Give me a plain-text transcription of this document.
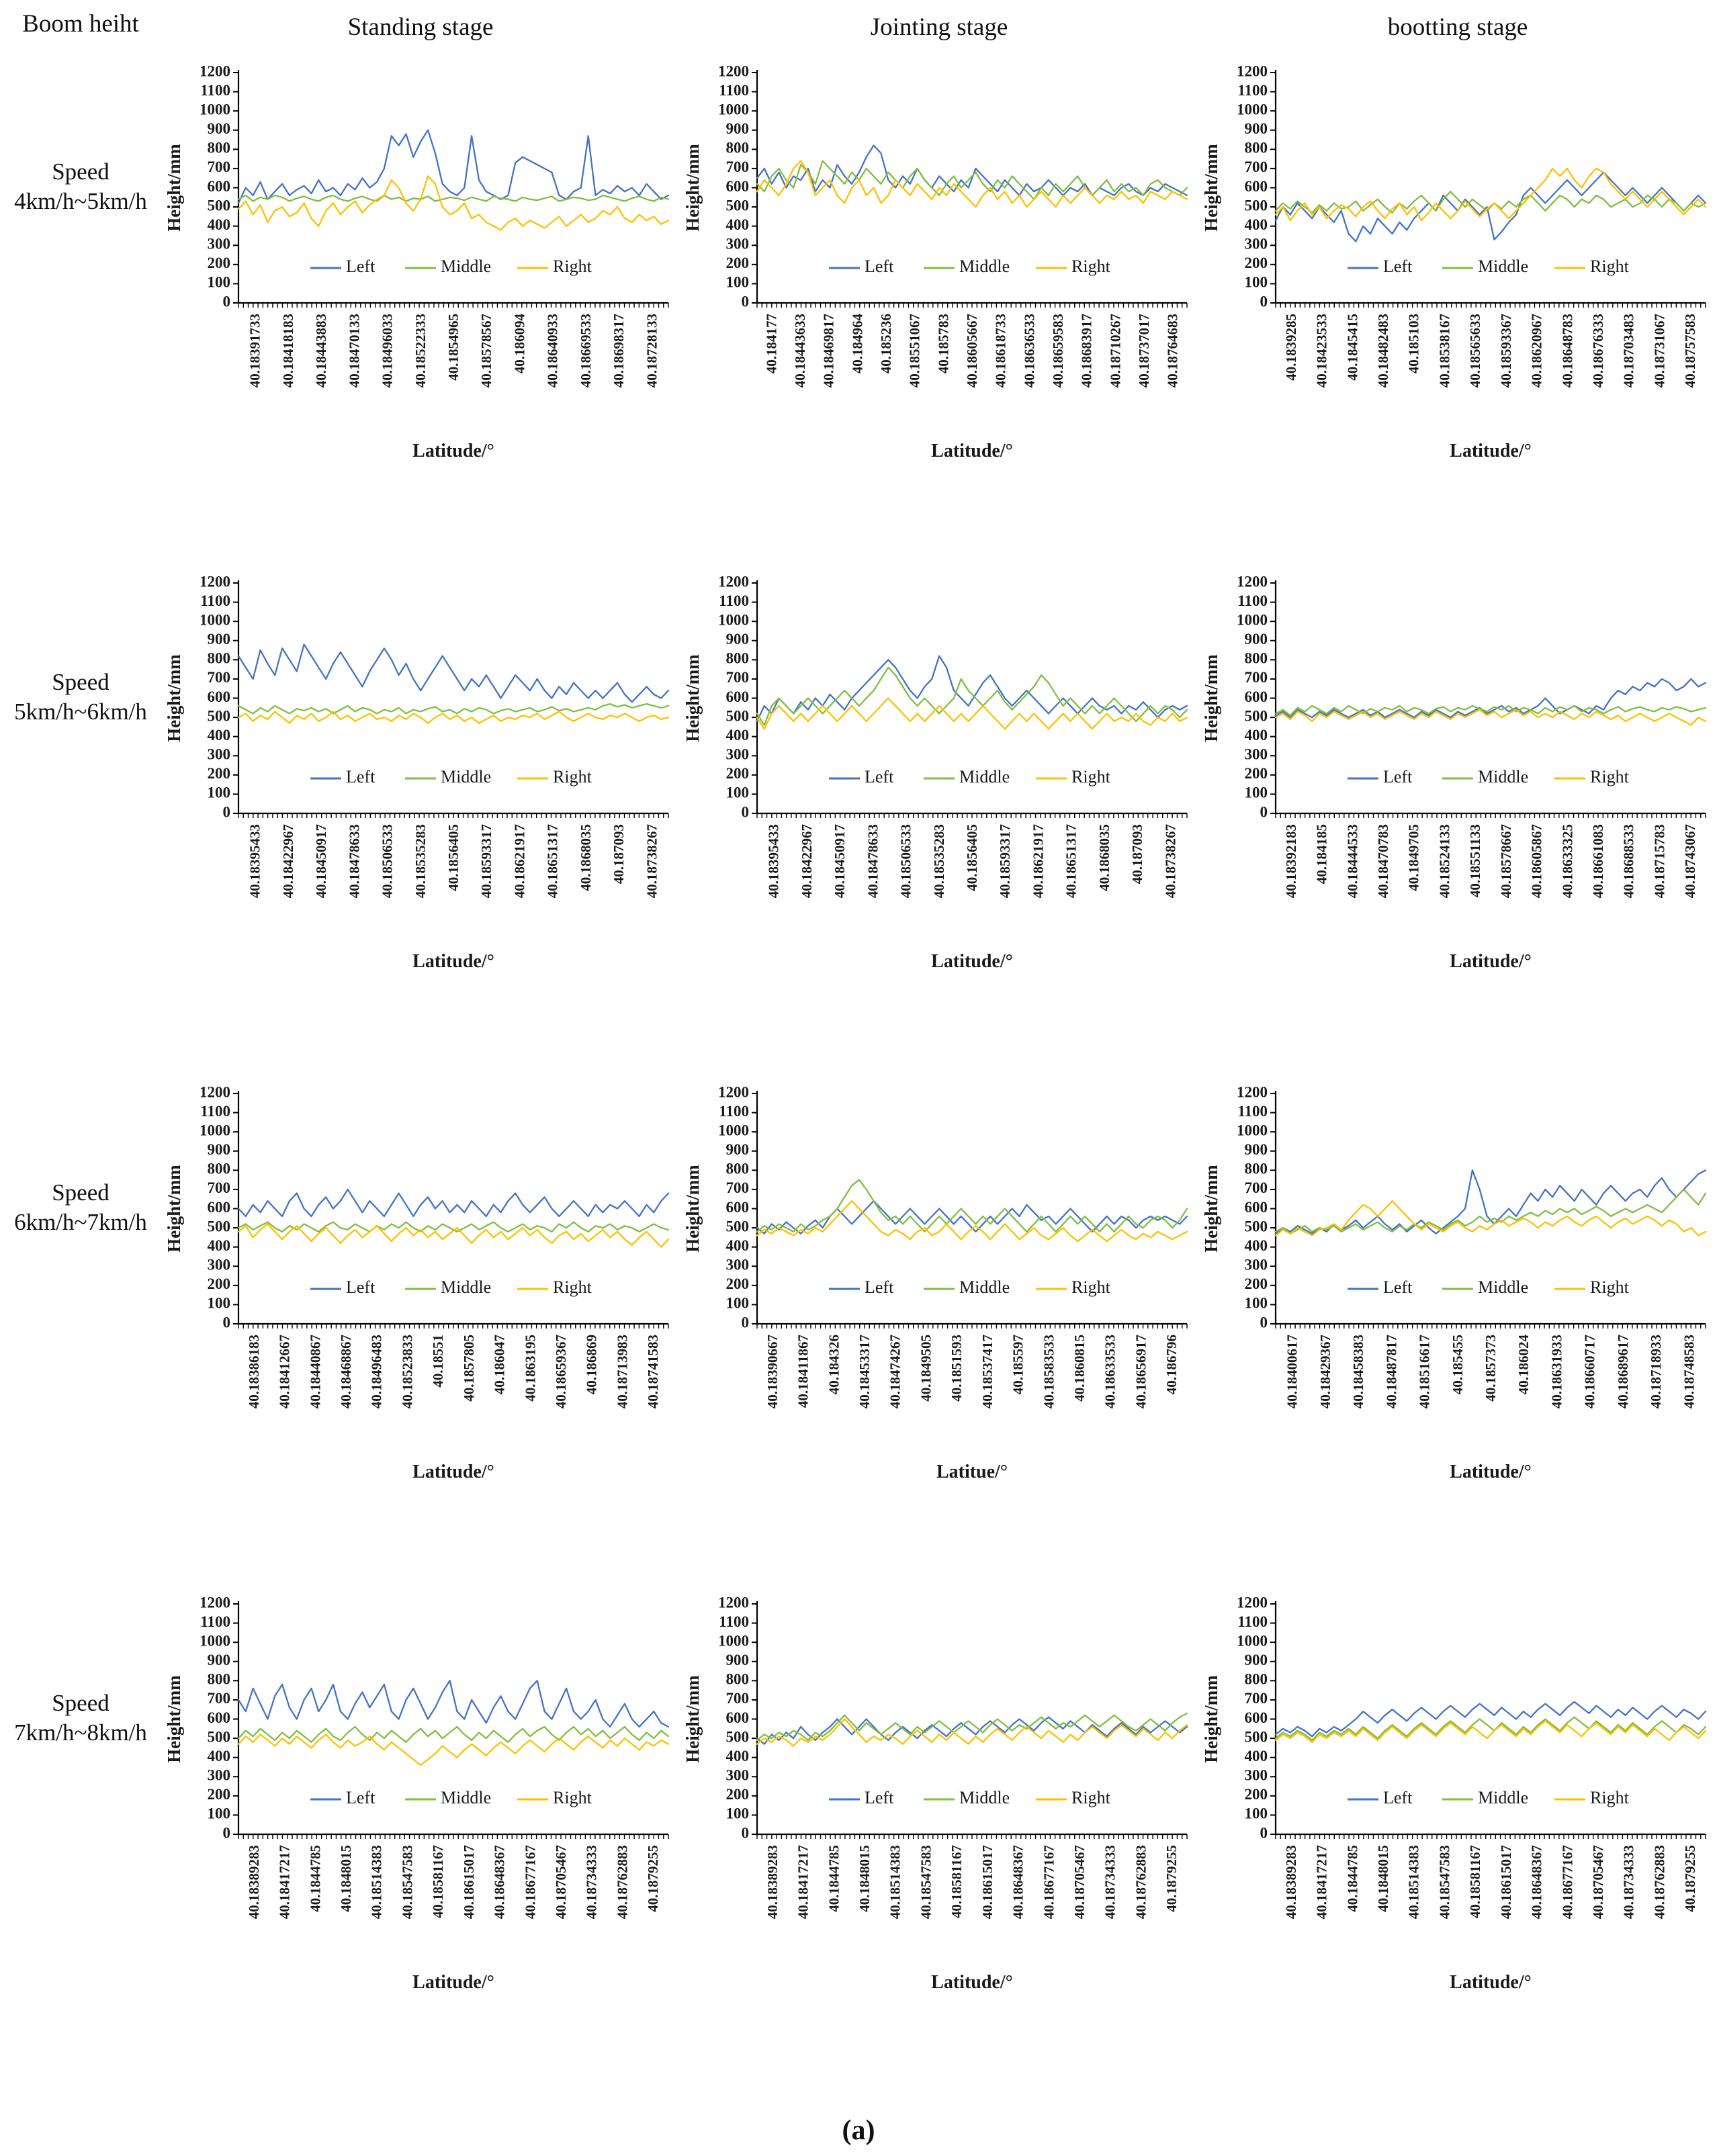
Boom heiht	Standing stage	Jointing stage	bootting stage
Speed
4km/h~5km/h
0
100
200
300
400
500
600
700
800
900
1000
1100
1200
40.18391733 40.18418183 40.18443883 40.18470133 40.18496033 40.18522333 40.1854965 40.18578567 40.186094 40.18640933 40.18669533 40.18698317 40.18728133
Height/mm
Latitude/°
Left	Middle	Right
0
100
200
300
400
500
600
700
800
900
1000
1100
1200
40.184177 40.18443633 40.18469817 40.184964 40.185236 40.18551067 40.185783 40.18605667 40.18618733 40.18636533 40.18659583 40.18683917 40.18710267 40.18737017 40.18764683
Height/mm
Latitude/°
Left	Middle	Right
0
100
200
300
400
500
600
700
800
900
1000
1100
1200
40.1839285 40.18423533 40.1845415 40.18482483 40.185103 40.18538167 40.18565633 40.18593367 40.18620967 40.18648783 40.18676333 40.18703483 40.18731067 40.18757583
Height/mm
Latitude/°
Left	Middle	Right
Speed
5km/h~6km/h
0
100
200
300
400
500
600
700
800
900
1000
1100
1200
40.18395433 40.18422967 40.18450917 40.18478633 40.18506533 40.18535283 40.1856405 40.18593317 40.18621917 40.18651317 40.1868035 40.187093 40.18738267
Height/mm
Latitude/°
Left	Middle	Right
0
100
200
300
400
500
600
700
800
900
1000
1100
1200
40.18395433 40.18422967 40.18450917 40.18478633 40.18506533 40.18535283 40.1856405 40.18593317 40.18621917 40.18651317 40.1868035 40.187093 40.18738267
Height/mm
Latitude/°
Left	Middle	Right
0
100
200
300
400
500
600
700
800
900
1000
1100
1200
40.18392183 40.184185 40.18444533 40.18470783 40.1849705 40.18524133 40.18551133 40.18578667 40.18605867 40.18633325 40.18661083 40.18688533 40.18715783 40.18743067
Height/mm
Latitude/°
Left	Middle	Right
Speed
6km/h~7km/h
0
100
200
300
400
500
600
700
800
900
1000
1100
1200
40.18386183 40.18412667 40.18440867 40.18468867 40.18496483 40.18523833 40.18551 40.1857805 40.186047 40.1863195 40.18659367 40.186869 40.18713983 40.18741583
Height/mm
Latitude/°
Left	Middle	Right
0
100
200
300
400
500
600
700
800
900
1000
1100
1200
40.18390667 40.18411867 40.184326 40.18453317 40.18474267 40.1849505 40.1851593 40.18537417 40.185597 40.18583533 40.1860815 40.18633533 40.18656917 40.186796
Height/mm
Latitue/°
Left	Middle	Right
0
100
200
300
400
500
600
700
800
900
1000
1100
1200
40.18400617 40.18429367 40.18458383 40.18487817 40.18516617 40.185455 40.1857373 40.186024 40.18631933 40.18660717 40.18689617 40.18718933 40.18748583
Height/mm
Latitude/°
Left	Middle	Right
Speed
7km/h~8km/h
0
100
200
300
400
500
600
700
800
900
1000
1100
1200
40.18389283 40.18417217 40.1844785 40.1848015 40.18514383 40.18547583 40.18581167 40.18615017 40.18648367 40.18677167 40.18705467 40.18734333 40.18762883 40.1879255
Height/mm
Latitude/°
Left	Middle	Right
0
100
200
300
400
500
600
700
800
900
1000
1100
1200
40.18389283 40.18417217 40.1844785 40.1848015 40.18514383 40.18547583 40.18581167 40.18615017 40.18648367 40.18677167 40.18705467 40.18734333 40.18762883 40.1879255
Height/mm
Latitude/°
Left	Middle	Right
0
100
200
300
400
500
600
700
800
900
1000
1100
1200
40.18389283 40.18417217 40.1844785 40.1848015 40.18514383 40.18547583 40.18581167 40.18615017 40.18648367 40.18677167 40.18705467 40.18734333 40.18762883 40.1879255
Height/mm
Latitude/°
Left	Middle	Right
(a)
